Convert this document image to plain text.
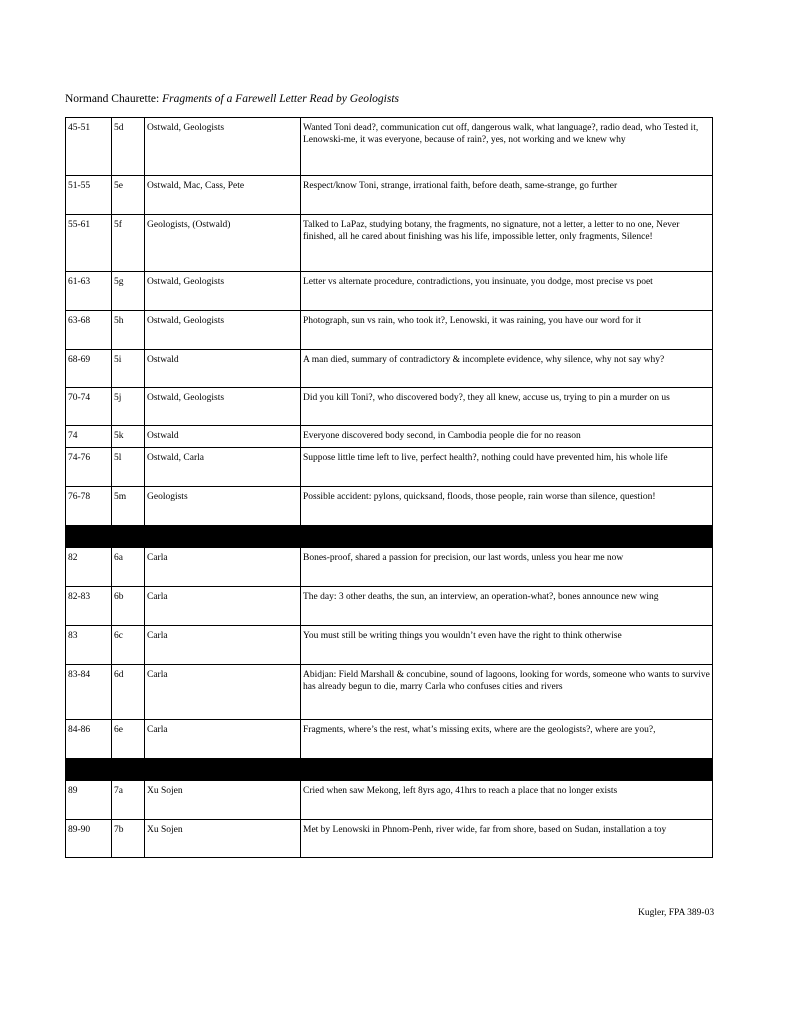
Normand Chaurette: Fragments of a Farewell Letter Read by Geologists
45-51	5d	Ostwald, Geologists	Wanted Toni dead?, communication cut off, dangerous walk, what language?, radio dead, who Tested it, Lenowski-me, it was everyone, because of rain?, yes, not working and we knew why
51-55	5e	Ostwald, Mac, Cass, Pete	Respect/know Toni, strange, irrational faith, before death, same-strange, go further
55-61	5f	Geologists, (Ostwald)	Talked to LaPaz, studying botany, the fragments, no signature, not a letter, a letter to no one, Never finished, all he cared about finishing was his life, impossible letter, only fragments, Silence!
61-63	5g	Ostwald, Geologists	Letter vs alternate procedure, contradictions, you insinuate, you dodge, most precise vs poet
63-68	5h	Ostwald, Geologists	Photograph, sun vs rain, who took it?, Lenowski, it was raining, you have our word for it
68-69	5i	Ostwald	A man died, summary of contradictory & incomplete evidence, why silence, why not say why?
70-74	5j	Ostwald, Geologists	Did you kill Toni?, who discovered body?, they all knew, accuse us, trying to pin a murder on us
74	5k	Ostwald	Everyone discovered body second, in Cambodia people die for no reason
74-76	5l	Ostwald, Carla	Suppose little time left to live, perfect health?, nothing could have prevented him, his whole life
76-78	5m	Geologists	Possible accident: pylons, quicksand, floods, those people, rain worse than silence, question!
82	6a	Carla	Bones-proof, shared a passion for precision, our last words, unless you hear me now
82-83	6b	Carla	The day: 3 other deaths, the sun, an interview, an operation-what?, bones announce new wing
83	6c	Carla	You must still be writing things you wouldn’t even have the right to think otherwise
83-84	6d	Carla	Abidjan: Field Marshall & concubine, sound of lagoons, looking for words, someone who wants to survive has already begun to die, marry Carla who confuses cities and rivers
84-86	6e	Carla	Fragments, where’s the rest, what’s missing exits, where are the geologists?, where are you?,
89	7a	Xu Sojen	Cried when saw Mekong, left 8yrs ago, 41hrs to reach a place that no longer exists
89-90	7b	Xu Sojen	Met by Lenowski in Phnom-Penh, river wide, far from shore, based on Sudan, installation a toy
Kugler, FPA 389-03
